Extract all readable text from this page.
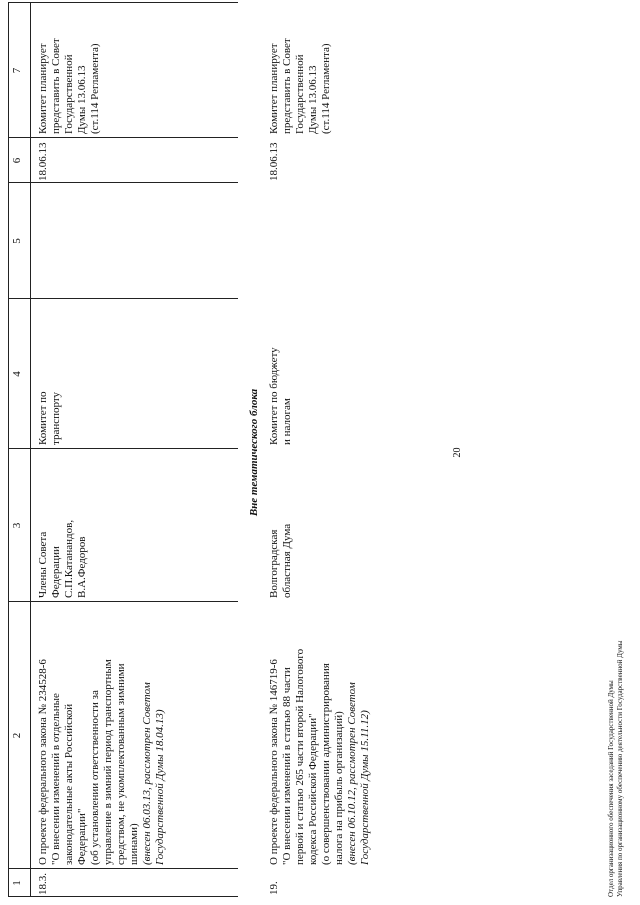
1
2
3
4
5
6
7
18.3.
О проекте федерального закона № 234528-6 "О внесении изменений в отдельные законодательные акты Российской Федерации" (об установлении ответственности за управление в зимний период транспортным средством, не укомплектованным зимними шинами) (внесен 06.03.13, рассмотрен Советом Государственной Думы 18.04.13)
Члены Совета Федерации С.П.Катанандов, В.А.Федоров
Комитет по транспорту
18.06.13
Комитет планирует представить в Совет Государственной Думы 13.06.13 (ст.114 Регламента)
Вне тематического блока
19.
О проекте федерального закона № 146719-6 "О внесении изменений в статью 88 части первой и статью 265 части второй Налогового кодекса Российской Федерации" (о совершенствовании администрирования налога на прибыль организаций) (внесен 06.10.12, рассмотрен Советом Государственной Думы 15.11.12)
Волгоградская областная Дума
Комитет по бюджету и налогам
18.06.13
Комитет планирует представить в Совет Государственной Думы 13.06.13 (ст.114 Регламента)
20
Отдел организационного обеспечения заседаний Государственной Думы Управления по организационному обеспечению деятельности Государственной Думы
